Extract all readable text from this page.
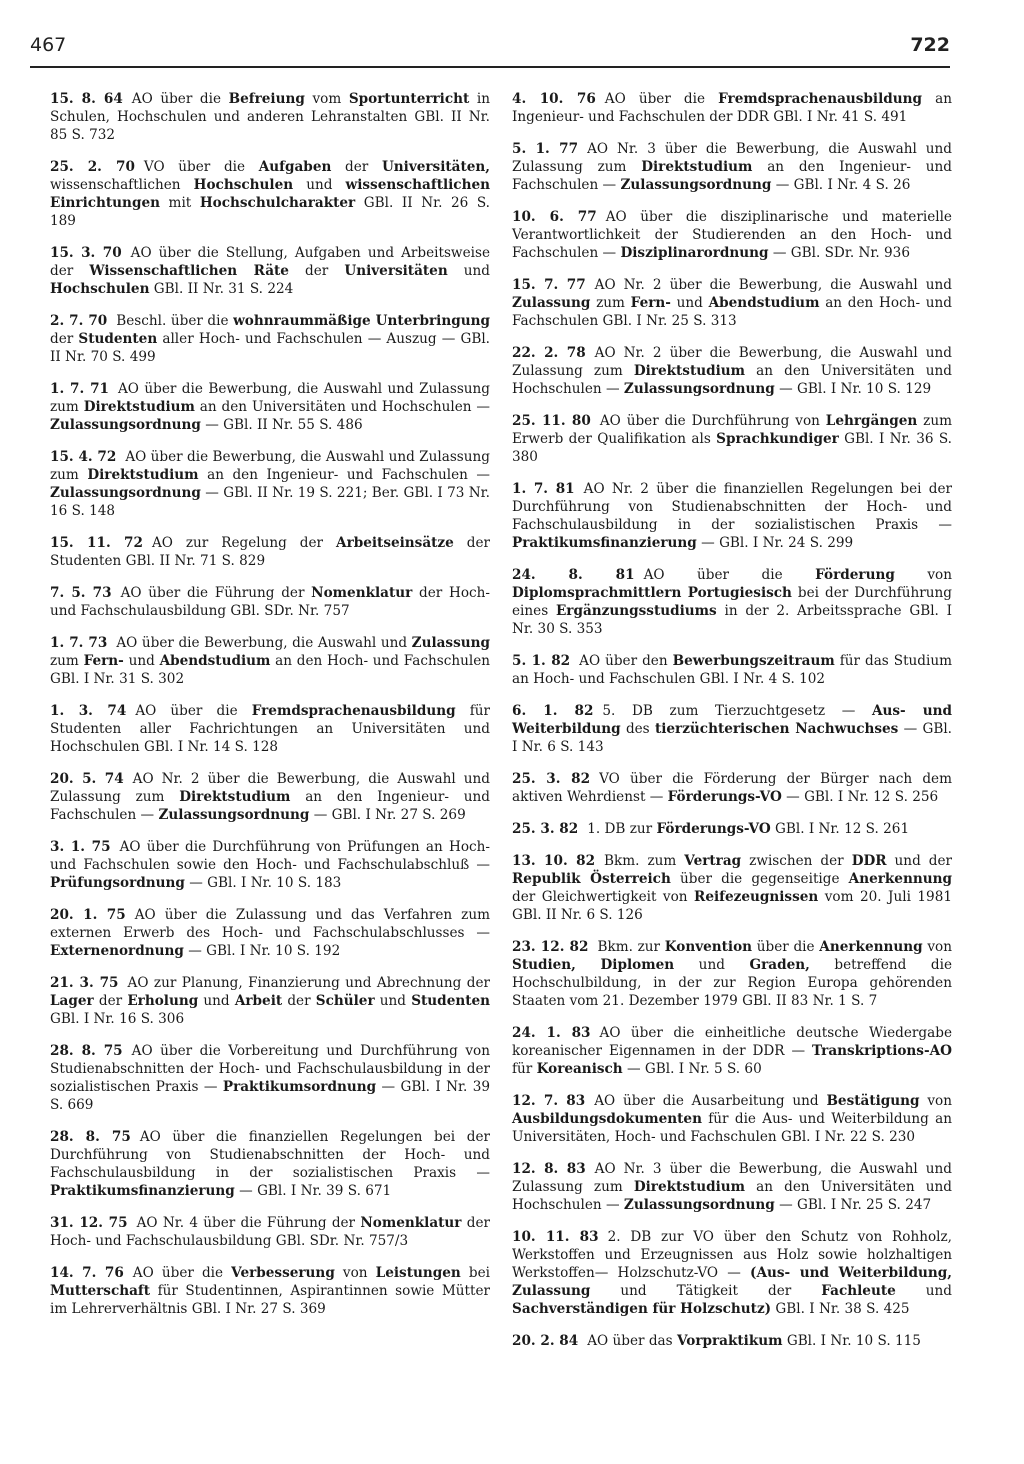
467	722

15. 8. 64 AO über die Befreiung vom Sportunterricht in Schulen, Hochschulen und anderen Lehranstalten GBl. II Nr. 85 S. 732

25. 2. 70 VO über die Aufgaben der Universitäten, wissenschaftlichen Hochschulen und wissenschaftlichen Einrichtungen mit Hochschulcharakter GBl. II Nr. 26 S. 189

15. 3. 70 AO über die Stellung, Aufgaben und Arbeitsweise der Wissenschaftlichen Räte der Universitäten und Hochschulen GBl. II Nr. 31 S. 224

2. 7. 70 Beschl. über die wohnraummäßige Unterbringung der Studenten aller Hoch- und Fachschulen — Auszug — GBl. II Nr. 70 S. 499

1. 7. 71 AO über die Bewerbung, die Auswahl und Zulassung zum Direktstudium an den Universitäten und Hochschulen — Zulassungsordnung — GBl. II Nr. 55 S. 486

15. 4. 72 AO über die Bewerbung, die Auswahl und Zulassung zum Direktstudium an den Ingenieur- und Fachschulen — Zulassungsordnung — GBl. II Nr. 19 S. 221; Ber. GBl. I 73 Nr. 16 S. 148

15. 11. 72 AO zur Regelung der Arbeitseinsätze der Studenten GBl. II Nr. 71 S. 829

7. 5. 73 AO über die Führung der Nomenklatur der Hoch- und Fachschulausbildung GBl. SDr. Nr. 757

1. 7. 73 AO über die Bewerbung, die Auswahl und Zulassung zum Fern- und Abendstudium an den Hoch- und Fachschulen GBl. I Nr. 31 S. 302

1. 3. 74 AO über die Fremdsprachenausbildung für Studenten aller Fachrichtungen an Universitäten und Hochschulen GBl. I Nr. 14 S. 128

20. 5. 74 AO Nr. 2 über die Bewerbung, die Auswahl und Zulassung zum Direktstudium an den Ingenieur- und Fachschulen — Zulassungsordnung — GBl. I Nr. 27 S. 269

3. 1. 75 AO über die Durchführung von Prüfungen an Hoch- und Fachschulen sowie den Hoch- und Fachschulabschluß — Prüfungsordnung — GBl. I Nr. 10 S. 183

20. 1. 75 AO über die Zulassung und das Verfahren zum externen Erwerb des Hoch- und Fachschulabschlusses — Externenordnung — GBl. I Nr. 10 S. 192

21. 3. 75 AO zur Planung, Finanzierung und Abrechnung der Lager der Erholung und Arbeit der Schüler und Studenten GBl. I Nr. 16 S. 306

28. 8. 75 AO über die Vorbereitung und Durchführung von Studienabschnitten der Hoch- und Fachschulausbildung in der sozialistischen Praxis — Praktikumsordnung — GBl. I Nr. 39 S. 669

28. 8. 75 AO über die finanziellen Regelungen bei der Durchführung von Studienabschnitten der Hoch- und Fachschulausbildung in der sozialistischen Praxis — Praktikumsfinanzierung — GBl. I Nr. 39 S. 671

31. 12. 75 AO Nr. 4 über die Führung der Nomenklatur der Hoch- und Fachschulausbildung GBl. SDr. Nr. 757/3

14. 7. 76 AO über die Verbesserung von Leistungen bei Mutterschaft für Studentinnen, Aspirantinnen sowie Mütter im Lehrerverhältnis GBl. I Nr. 27 S. 369

4. 10. 76 AO über die Fremdsprachenausbildung an Ingenieur- und Fachschulen der DDR GBl. I Nr. 41 S. 491

5. 1. 77 AO Nr. 3 über die Bewerbung, die Auswahl und Zulassung zum Direktstudium an den Ingenieur- und Fachschulen — Zulassungsordnung — GBl. I Nr. 4 S. 26

10. 6. 77 AO über die disziplinarische und materielle Verantwortlichkeit der Studierenden an den Hoch- und Fachschulen — Disziplinarordnung — GBl. SDr. Nr. 936

15. 7. 77 AO Nr. 2 über die Bewerbung, die Auswahl und Zulassung zum Fern- und Abendstudium an den Hoch- und Fachschulen GBl. I Nr. 25 S. 313

22. 2. 78 AO Nr. 2 über die Bewerbung, die Auswahl und Zulassung zum Direktstudium an den Universitäten und Hochschulen — Zulassungsordnung — GBl. I Nr. 10 S. 129

25. 11. 80 AO über die Durchführung von Lehrgängen zum Erwerb der Qualifikation als Sprachkundiger GBl. I Nr. 36 S. 380

1. 7. 81 AO Nr. 2 über die finanziellen Regelungen bei der Durchführung von Studienabschnitten der Hoch- und Fachschulausbildung in der sozialistischen Praxis — Praktikumsfinanzierung — GBl. I Nr. 24 S. 299

24. 8. 81 AO über die Förderung von Diplomsprachmittlern Portugiesisch bei der Durchführung eines Ergänzungsstudiums in der 2. Arbeitssprache GBl. I Nr. 30 S. 353

5. 1. 82 AO über den Bewerbungszeitraum für das Studium an Hoch- und Fachschulen GBl. I Nr. 4 S. 102

6. 1. 82 5. DB zum Tierzuchtgesetz — Aus- und Weiterbildung des tierzüchterischen Nachwuchses — GBl. I Nr. 6 S. 143

25. 3. 82 VO über die Förderung der Bürger nach dem aktiven Wehrdienst — Förderungs-VO — GBl. I Nr. 12 S. 256

25. 3. 82 1. DB zur Förderungs-VO GBl. I Nr. 12 S. 261

13. 10. 82 Bkm. zum Vertrag zwischen der DDR und der Republik Österreich über die gegenseitige Anerkennung der Gleichwertigkeit von Reifezeugnissen vom 20. Juli 1981 GBl. II Nr. 6 S. 126

23. 12. 82 Bkm. zur Konvention über die Anerkennung von Studien, Diplomen und Graden, betreffend die Hochschulbildung, in der zur Region Europa gehörenden Staaten vom 21. Dezember 1979 GBl. II 83 Nr. 1 S. 7

24. 1. 83 AO über die einheitliche deutsche Wiedergabe koreanischer Eigennamen in der DDR — Transkriptions-AO für Koreanisch — GBl. I Nr. 5 S. 60

12. 7. 83 AO über die Ausarbeitung und Bestätigung von Ausbildungsdokumenten für die Aus- und Weiterbildung an Universitäten, Hoch- und Fachschulen GBl. I Nr. 22 S. 230

12. 8. 83 AO Nr. 3 über die Bewerbung, die Auswahl und Zulassung zum Direktstudium an den Universitäten und Hochschulen — Zulassungsordnung — GBl. I Nr. 25 S. 247

10. 11. 83 2. DB zur VO über den Schutz von Rohholz, Werkstoffen und Erzeugnissen aus Holz sowie holzhaltigen Werkstoffen— Holzschutz-VO — (Aus- und Weiterbildung, Zulassung und Tätigkeit der Fachleute und Sachverständigen für Holzschutz) GBl. I Nr. 38 S. 425

20. 2. 84 AO über das Vorpraktikum GBl. I Nr. 10 S. 115
